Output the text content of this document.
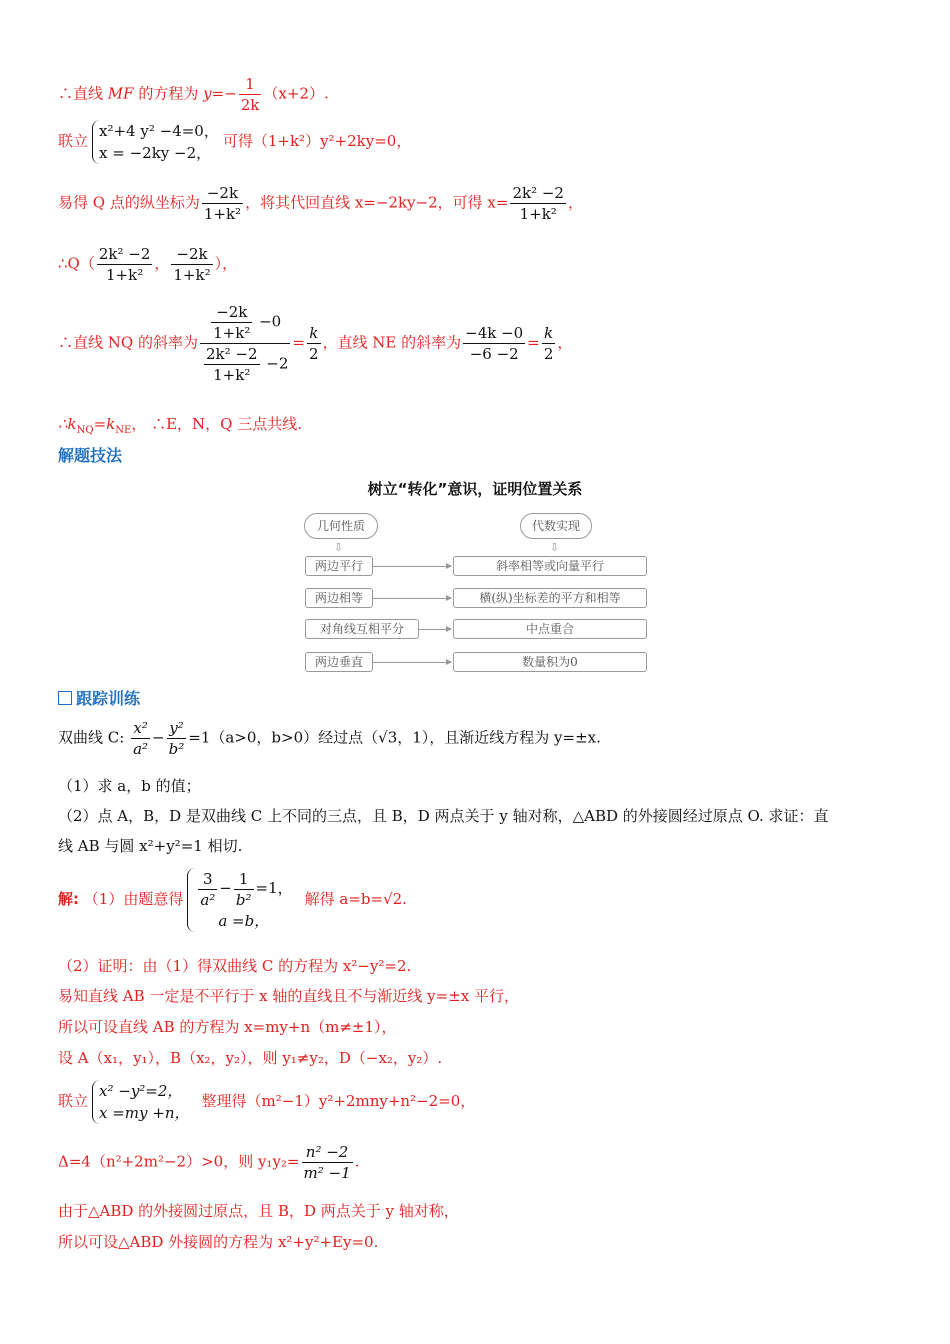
∴直线 MF 的方程为 $y=- \frac{1}{2k} (x+2)$.
联立
x²+4 y² −4=0，
x = −2ky −2，
可得（1+k²）y²+2ky=0，
易得 Q 点的纵坐标为 $\frac{-2k}{\text{1+k²}}$ ，将其代回直线 x=−2ky−2，可得 $x= \frac{\text{2k² −2}}{\text{1+k²}}$ ，
∴Q（ $\frac{\text{2k² −2}}{\text{1+k²}}$ ， $\frac{-2k}{\text{1+k²}}$ ），
∴直线 NQ 的斜率为 $\frac{\frac{-2k}{\text{1+k²}} -0}{\frac{\text{2k² −2}}{\text{1+k²}} -2} = \frac{k}{2}$ ，直线 NE 的斜率为 $\frac{-4k -0}{-6 -2} = \frac{k}{2}$ ，
$\therefore k_{NQ}=k_{NE}$， ∴E，N，Q 三点共线.
解题技法
树立“转化”意识，证明位置关系
几何性质	代数实现
⇩	⇩
两边平行	斜率相等或向量平行
两边相等	横(纵)坐标差的平方和相等
对角线互相平分	中点重合
两边垂直	数量积为0
跟踪训练
双曲线 C: $\frac{\text{x²}}{\text{a²}} - \frac{\text{y²}}{\text{b²}} =1(a>0$，b>0）经过点（√3，1），且渐近线方程为 y=±x.
（1）求 a，b 的值；
（2）点 A，B，D 是双曲线 C 上不同的三点，且 B，D 两点关于 y 轴对称，△ABD 的外接圆经过原点 O. 求证：直
线 AB 与圆 x²+y²=1 相切.
解: （1）由题意得 $\frac{3}{\text{a²}} - \frac{1}{\text{b²}} =1$，
a =b，
解得 a=b=√2.
（2）证明：由（1）得双曲线 C 的方程为 x²−y²=2.
易知直线 AB 一定是不平行于 x 轴的直线且不与渐近线 y=±x 平行，
所以可设直线 AB 的方程为 x=my+n（m≠±1），
设 A（x₁，y₁），B（x₂，y₂），则 y₁≠y₂，D（−x₂，y₂）.
联立
x² −y²=2，
x =my +n，
整理得（m²−1）y²+2mny+n²−2=0，
Δ=4（n²+2m²−2）>0，则 $y_1y_2= \frac{\text{n² −2}}{\text{m² −1}}$ .
由于△ABD 的外接圆过原点，且 B，D 两点关于 y 轴对称，
所以可设△ABD 外接圆的方程为 x²+y²+Ey=0.
